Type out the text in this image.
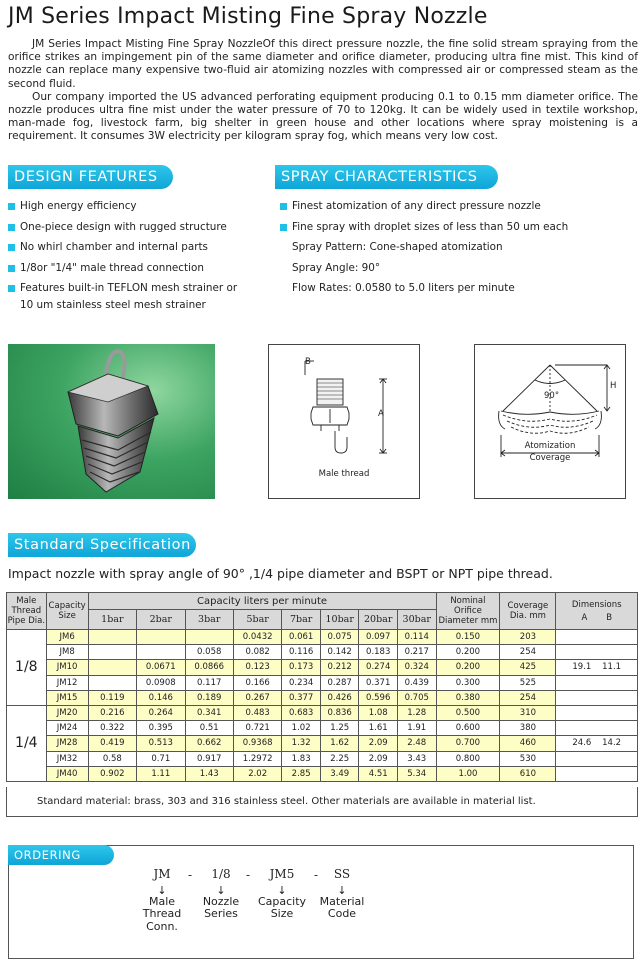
JM Series Impact Misting Fine Spray Nozzle

JM Series Impact Misting Fine Spray NozzleOf this direct pressure nozzle, the fine solid stream spraying from the orifice strikes an impingement pin of the same diameter and orifice diameter, producing ultra fine mist. This kind of nozzle can replace many expensive two-fluid air atomizing nozzles with compressed air or compressed steam as the second fluid.

Our company imported the US advanced perforating equipment producing 0.1 to 0.15 mm diameter orifice. The nozzle produces ultra fine mist under the water pressure of 70 to 120kg. It can be widely used in textile workshop, man-made fog, livestock farm, big shelter in green house and other locations where spray moistening is a requirement. It consumes 3W electricity per kilogram spray fog, which means very low cost.

DESIGN FEATURES	SPRAY CHARACTERISTICS
High energy efficiency
One-piece design with rugged structure
No whirl chamber and internal parts
1/8or "1/4" male thread connection
Features built-in TEFLON mesh strainer or
10 um stainless steel mesh strainer
Finest atomization of any direct pressure nozzle
Fine spray with droplet sizes of less than 50 um each
Spray Pattern: Cone-shaped atomization
Spray Angle: 90°
Flow Rates: 0.0580 to 5.0 liters per minute
B
A
Male thread
90°
H
Atomization
Coverage
Standard Specification
Impact nozzle with spray angle of 90° ,1/4 pipe diameter and BSPT or NPT pipe thread.
Male Thread Pipe Dia.	Capacity Size	Capacity liters per minute								Nominal Orifice Diameter mm	Coverage Dia. mm	Dimensions
A B

		1bar	2bar	3bar	5bar	7bar	10bar	20bar	30bar			
1/8	JM6				0.0432	0.061	0.075	0.097	0.114	0.150	203	
	JM8			0.058	0.082	0.116	0.142	0.183	0.217	0.200	254	
	JM10		0.0671	0.0866	0.123	0.173	0.212	0.274	0.324	0.200	425	19.1 11.1
	JM12		0.0908	0.117	0.166	0.234	0.287	0.371	0.439	0.300	525	
	JM15	0.119	0.146	0.189	0.267	0.377	0.426	0.596	0.705	0.380	254	
1/4	JM20	0.216	0.264	0.341	0.483	0.683	0.836	1.08	1.28	0.500	310	
	JM24	0.322	0.395	0.51	0.721	1.02	1.25	1.61	1.91	0.600	380	
	JM28	0.419	0.513	0.662	0.9368	1.32	1.62	2.09	2.48	0.700	460	24.6 14.2
	JM32	0.58	0.71	0.917	1.2972	1.83	2.25	2.09	3.43	0.800	530	
	JM40	0.902	1.11	1.43	2.02	2.85	3.49	4.51	5.34	1.00	610	
Standard material: brass, 303 and 316 stainless steel. Other materials are available in material list.
ORDERING INFO	JM
↓
Male Thread Conn.
-	1/8
↓
Nozzle Series
-	JM5
↓
Capacity Size
-	SS
↓
Material Code
